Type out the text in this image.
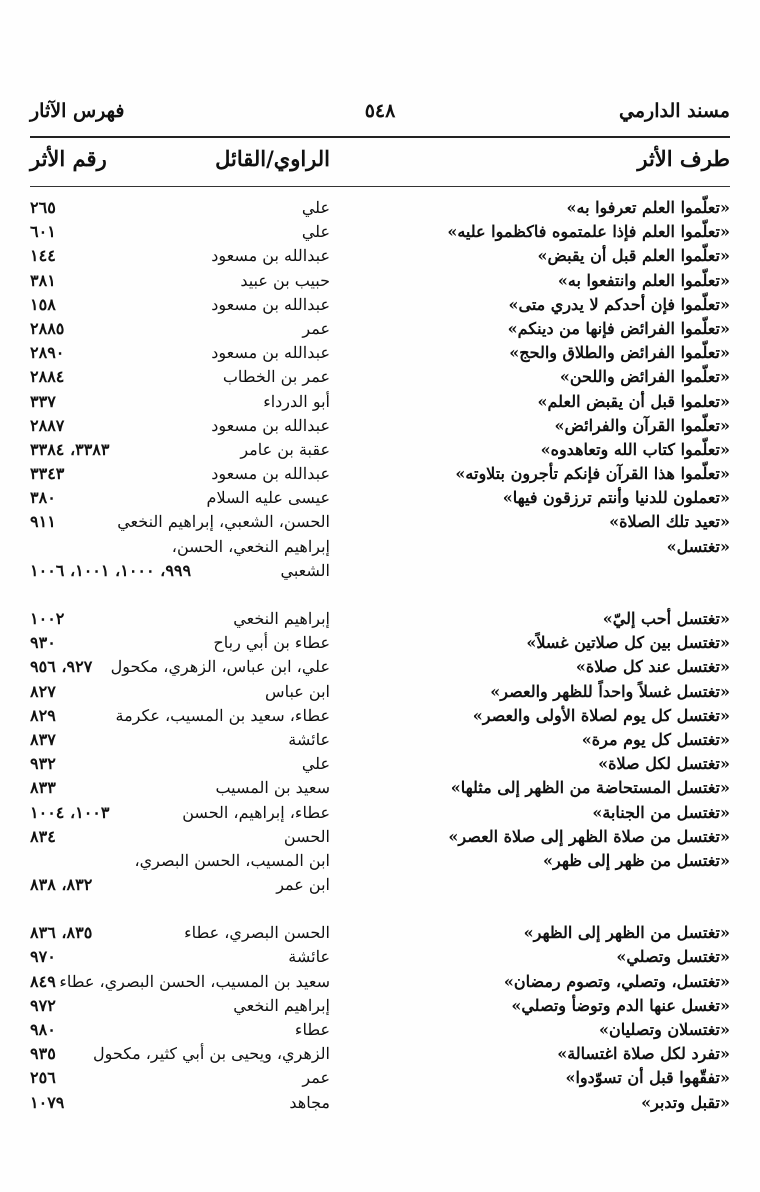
مسند الدارمي
٥٤٨
فهرس الآثار
طرف الأثر
الراوي/القائل
رقم الأثر
«تعلّموا العلم تعرفوا به»
علي
٢٦٥
«تعلّموا العلم فإذا علمتموه فاكظموا عليه»
علي
٦٠١
«تعلّموا العلم قبل أن يقبض»
عبدالله بن مسعود
١٤٤
«تعلّموا العلم وانتفعوا به»
حبيب بن عبيد
٣٨١
«تعلّموا فإن أحدكم لا يدري متى»
عبدالله بن مسعود
١٥٨
«تعلّموا الفرائض فإنها من دينكم»
عمر
٢٨٨٥
«تعلّموا الفرائض والطلاق والحج»
عبدالله بن مسعود
٢٨٩٠
«تعلّموا الفرائض واللحن»
عمر بن الخطاب
٢٨٨٤
«تعلموا قبل أن يقبض العلم»
أبو الدرداء
٣٣٧
«تعلّموا القرآن والفرائض»
عبدالله بن مسعود
٢٨٨٧
«تعلّموا كتاب الله وتعاهدوه»
عقبة بن عامر
٣٣٨٣، ٣٣٨٤
«تعلّموا هذا القرآن فإنكم تأجرون بتلاوته»
عبدالله بن مسعود
٣٣٤٣
«تعملون للدنيا وأنتم ترزقون فيها»
عيسى عليه السلام
٣٨٠
«تعيد تلك الصلاة»
الحسن، الشعبي، إبراهيم النخعي
٩١١
«تغتسل»
إبراهيم النخعي، الحسن،
الشعبي
٩٩٩، ١٠٠٠، ١٠٠١، ١٠٠٦
«تغتسل أحب إليّ»
إبراهيم النخعي
١٠٠٢
«تغتسل بين كل صلاتين غسلاً»
عطاء بن أبي رباح
٩٣٠
«تغتسل عند كل صلاة»
علي، ابن عباس، الزهري، مكحول
٩٢٧، ٩٥٦
«تغتسل غسلاً واحداً للظهر والعصر»
ابن عباس
٨٢٧
«تغتسل كل يوم لصلاة الأولى والعصر»
عطاء، سعيد بن المسيب، عكرمة
٨٢٩
«تغتسل كل يوم مرة»
عائشة
٨٣٧
«تغتسل لكل صلاة»
علي
٩٣٢
«تغتسل المستحاضة من الظهر إلى مثلها»
سعيد بن المسيب
٨٣٣
«تغتسل من الجنابة»
عطاء، إبراهيم، الحسن
١٠٠٣، ١٠٠٤
«تغتسل من صلاة الظهر إلى صلاة العصر»
الحسن
٨٣٤
«تغتسل من ظهر إلى ظهر»
ابن المسيب، الحسن البصري،
ابن عمر
٨٣٢، ٨٣٨
«تغتسل من الظهر إلى الظهر»
الحسن البصري، عطاء
٨٣٥، ٨٣٦
«تغتسل وتصلي»
عائشة
٩٧٠
«تغتسل، وتصلي، وتصوم رمضان»
سعيد بن المسيب، الحسن البصري، عطاء
٨٤٩
«تغسل عنها الدم وتوضأ وتصلي»
إبراهيم النخعي
٩٧٢
«تغتسلان وتصليان»
عطاء
٩٨٠
«تفرد لكل صلاة اغتسالة»
الزهري، ويحيى بن أبي كثير، مكحول
٩٣٥
«تفقّهوا قبل أن تسوّدوا»
عمر
٢٥٦
«تقبل وتدبر»
مجاهد
١٠٧٩
